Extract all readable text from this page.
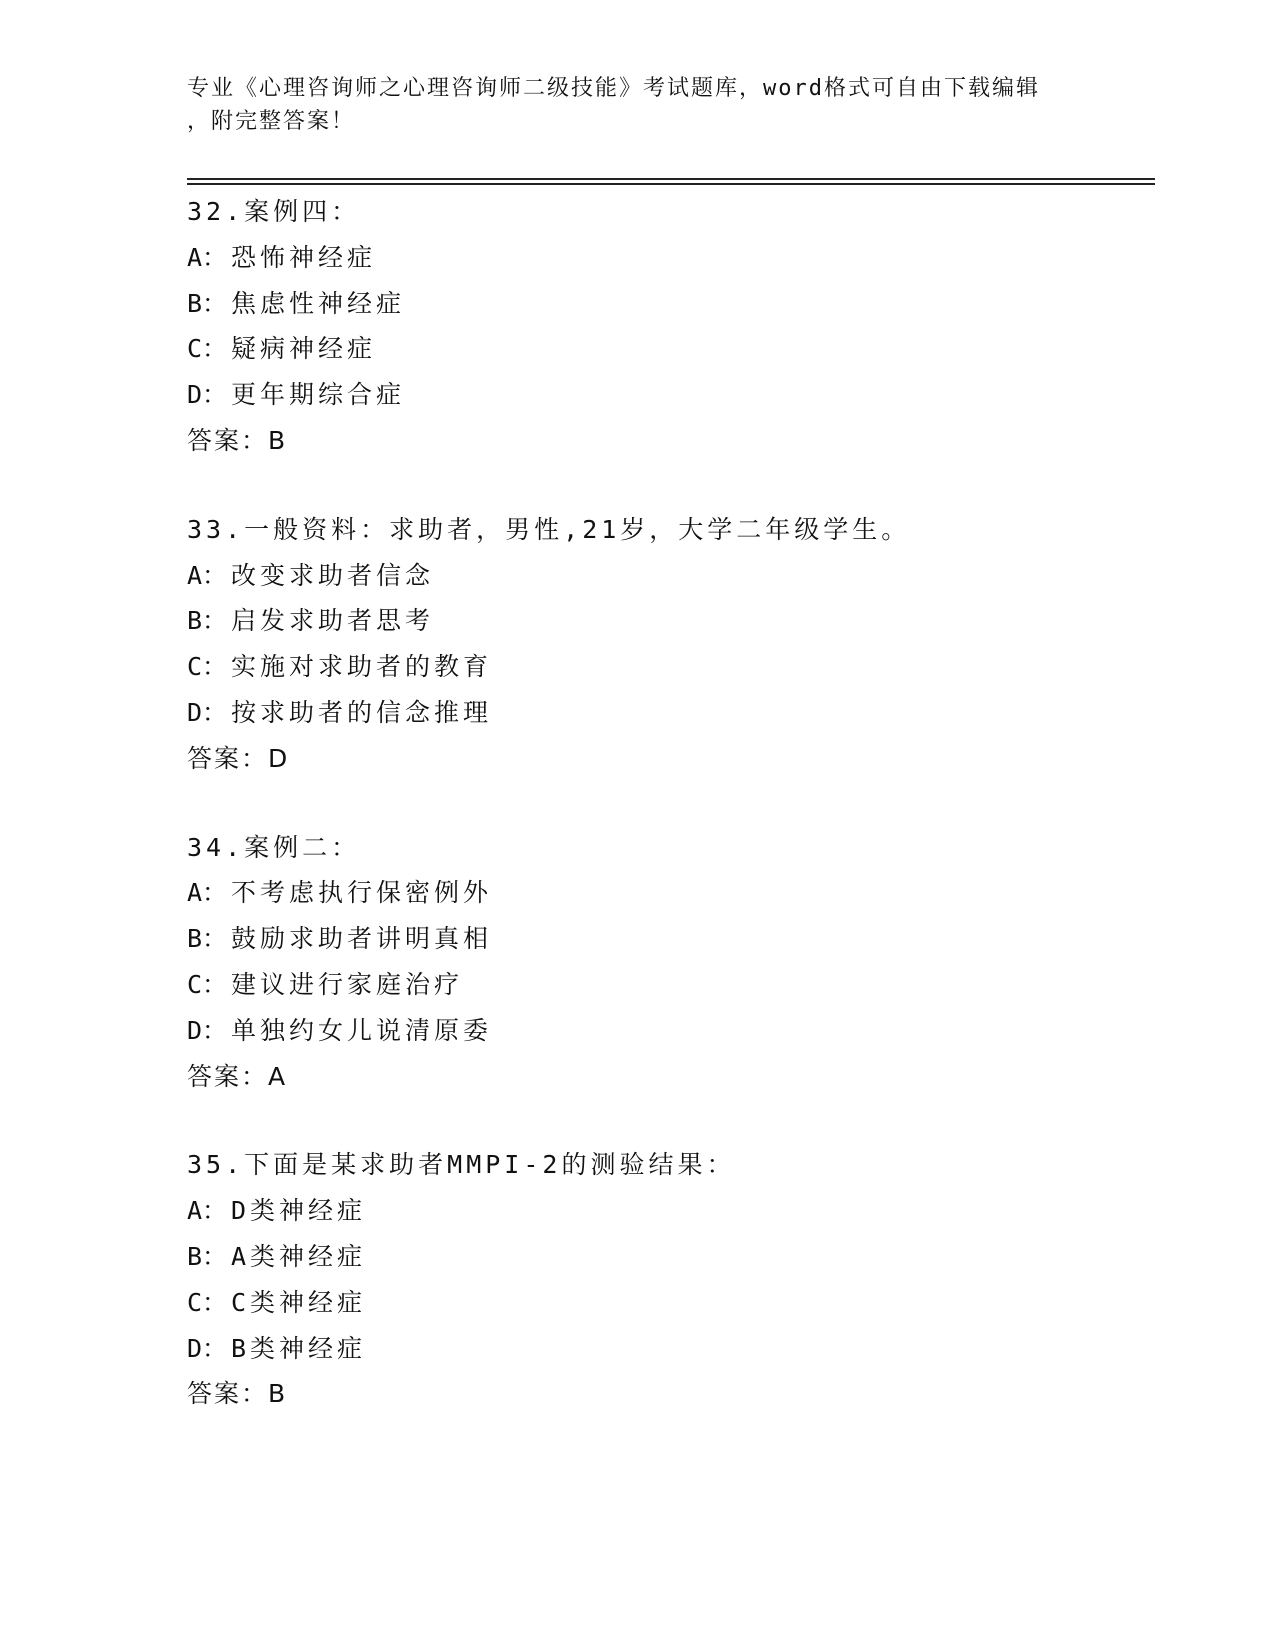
专业《心理咨询师之心理咨询师二级技能》考试题库，word格式可自由下载编辑
，附完整答案！
32.案例四：
A： 恐怖神经症
B： 焦虑性神经症
C： 疑病神经症
D： 更年期综合症
答案：B
33.一般资料：求助者，男性,21岁，大学二年级学生。
A： 改变求助者信念
B： 启发求助者思考
C： 实施对求助者的教育
D： 按求助者的信念推理
答案：D
34.案例二：
A： 不考虑执行保密例外
B： 鼓励求助者讲明真相
C： 建议进行家庭治疗
D： 单独约女儿说清原委
答案：A
35.下面是某求助者MMPI-2的测验结果：
A： D类神经症
B： A类神经症
C： C类神经症
D： B类神经症
答案：B
